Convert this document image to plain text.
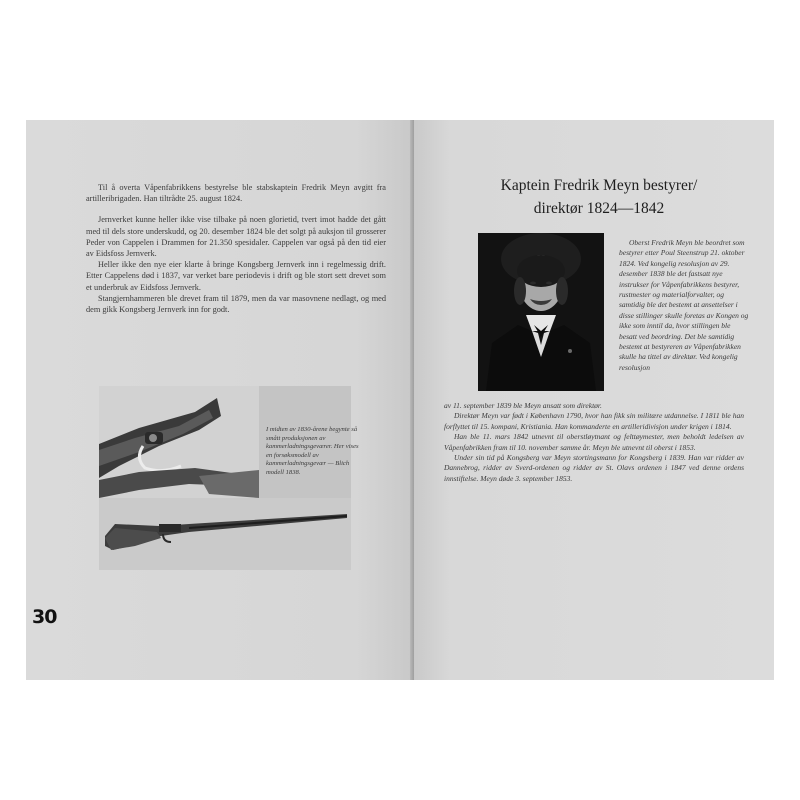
Til å overta Våpenfabrikkens bestyrelse ble stabskaptein Fredrik Meyn avgitt fra artilleribrigaden. Han tiltrådte 25. august 1824.

Jernverket kunne heller ikke vise tilbake på noen glorietid, tvert imot hadde det gått med til dels store underskudd, og 20. desember 1824 ble det solgt på auksjon til grosserer Peder von Cappelen i Drammen for 21.350 spesidaler. Cappelen var også på den tid eier av Eidsfoss Jernverk.

Heller ikke den nye eier klarte å bringe Kongsberg Jernverk inn i regelmessig drift. Etter Cappelens død i 1837, var verket bare periodevis i drift og ble stort sett drevet som et underbruk av Eidsfoss Jernverk.

Stangjernhammeren ble drevet fram til 1879, men da var masovnene nedlagt, og med dem gikk Kongsberg Jernverk inn for godt.

I midten av 1830-årene begynte så smått produksjonen av kammerladningsgeværer. Her vises en forsøksmodell av kammerladningsgevær — Blich modell 1838.
30
Kaptein Fredrik Meyn bestyrer/
direktør 1824—1842

Oberst Fredrik Meyn ble beordret som bestyrer etter Poul Steenstrup 21. oktober 1824. Ved kongelig resolusjon av 29. desember 1838 ble det fastsatt nye instrukser for Våpenfabrikkens bestyrer, rustmester og materialforvalter, og samtidig ble det bestemt at ansettelser i disse stillinger skulle foretas av Kongen og ikke som inntil da, hvor stillingen ble besatt ved beordring. Det ble samtidig bestemt at bestyreren av Våpenfabrikken skulle ha tittel av direktør. Ved kongelig resolusjon

av 11. september 1839 ble Meyn ansatt som direktør.

Direktør Meyn var født i København 1790, hvor han fikk sin militære utdannelse. I 1811 ble han forflyttet til 15. kompani, Kristiania. Han kommanderte en artilleridivisjon under krigen i 1814.

Han ble 11. mars 1842 utnevnt til oberstløytnant og felttøymester, men beholdt ledelsen av Våpenfabrikken fram til 10. november samme år. Meyn ble utnevnt til oberst i 1853.

Under sin tid på Kongsberg var Meyn stortingsmann for Kongsberg i 1839. Han var ridder av Dannebrog, ridder av Sverd-ordenen og ridder av St. Olavs ordenen i 1847 ved denne ordens innstiftelse. Meyn døde 3. september 1853.
